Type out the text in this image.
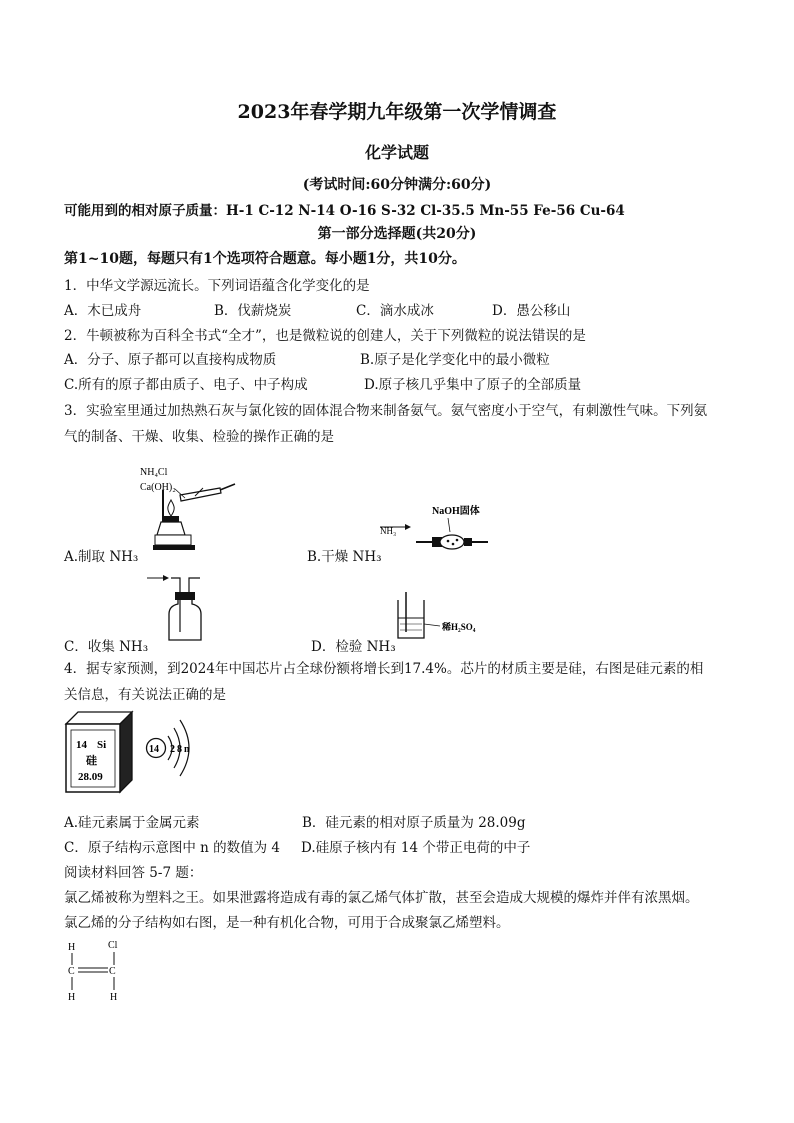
2023年春学期九年级第一次学情调查
化学试题
(考试时间:60分钟满分:60分)
可能用到的相对原子质量：H-1 C-12 N-14 O-16 S-32 Cl-35.5 Mn-55 Fe-56 Cu-64
第一部分选择题(共20分)
第1~10题，每题只有1个选项符合题意。每小题1分，共10分。
1．中华文学源远流长。下列词语蕴含化学变化的是
A．木已成舟	B．伐薪烧炭	C．滴水成冰	D．愚公移山
2．牛顿被称为百科全书式“全才”，也是微粒说的创建人，关于下列微粒的说法错误的是
A．分子、原子都可以直接构成物质	B.原子是化学变化中的最小微粒
C.所有的原子都由质子、电子、中子构成	D.原子核几乎集中了原子的全部质量
3．实验室里通过加热熟石灰与氯化铵的固体混合物来制备氨气。氨气密度小于空气，有刺激性气味。下列氨
气的制备、干燥、收集、检验的操作正确的是
NH₄Cl
Ca(OH)₂
A.制取 NH₃
NH₃
NaOH固体
B.干燥 NH₃
C．收集 NH₃
稀H₂SO₄
D．检验 NH₃
4．据专家预测，到2024年中国芯片占全球份额将增长到17.4%。芯片的材质主要是硅，右图是硅元素的相
关信息，有关说法正确的是
14 Si
硅
28.09
14 2 8 n
A.硅元素属于金属元素	B．硅元素的相对原子质量为 28.09g
C．原子结构示意图中 n 的数值为 4 D.硅原子核内有 14 个带正电荷的中子
阅读材料回答 5-7 题：
氯乙烯被称为塑料之王。如果泄露将造成有毒的氯乙烯气体扩散，甚至会造成大规模的爆炸并伴有浓黑烟。
氯乙烯的分子结构如右图，是一种有机化合物，可用于合成聚氯乙烯塑料。
H	Cl
C	C
H	H
